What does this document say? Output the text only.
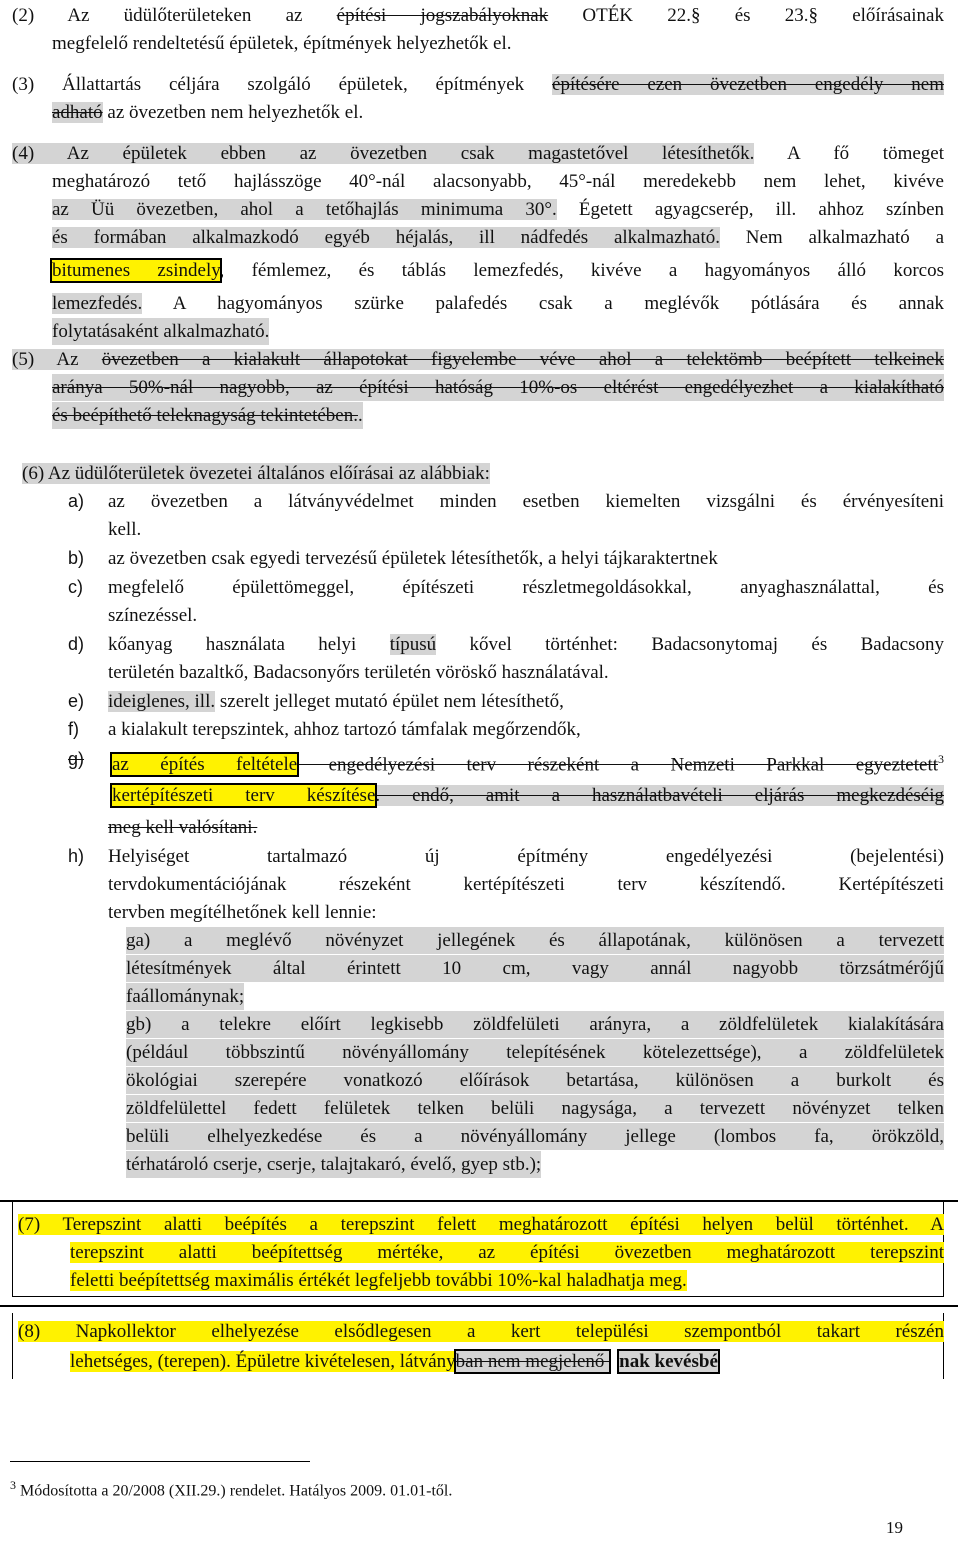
(2) Az üdülőterületeken az építési jogszabályoknak OTÉK 22.§ és 23.§ előírásainak
megfelelő rendeltetésű épületek, építmények helyezhetők el.
(3) Állattartás céljára szolgáló épületek, építmények építésére ezen övezetben engedély nem
adható az övezetben nem helyezhetők el.
(4) Az épületek ebben az övezetben csak magastetővel létesíthetők. A fő tömeget
meghatározó tető hajlásszöge 40°-nál alacsonyabb, 45°-nál meredekebb nem lehet, kivéve
az Üü övezetben, ahol a tetőhajlás minimuma 30°. Égetett agyagcserép, ill. ahhoz színben
és formában alkalmazkodó egyéb héjalás, ill nádfedés alkalmazható. Nem alkalmazható a
bitumenes zsindely, fémlemez, és táblás lemezfedés, kivéve a hagyományos álló korcos
lemezfedés. A hagyományos szürke palafedés csak a meglévők pótlására és annak
folytatásaként alkalmazható.
(5) Az övezetben a kialakult állapotokat figyelembe véve ahol a telektömb beépített telkeinek
aránya 50%-nál nagyobb, az építési hatóság 10%-os eltérést engedélyezhet a kialakítható
és beépíthető teleknagyság tekintetében..
(6) Az üdülőterületek övezetei általános előírásai az alábbiak:
a) az övezetben a látványvédelmet minden esetben kiemelten vizsgálni és érvényesíteni
kell.
b) az övezetben csak egyedi tervezésű épületek létesíthetők, a helyi tájkaraktertnek
c) megfelelő épülettömeggel, építészeti részletmegoldásokkal, anyaghasználattal, és
színezéssel.
d) kőanyag használata helyi típusú kővel történhet: Badacsonytomaj és Badacsony
területén bazaltkő, Badacsonyőrs területén vöröskő használatával.
e) ideiglenes, ill. szerelt jelleget mutató épület nem létesíthető,
f) a kialakult terepszintek, ahhoz tartozó támfalak megőrzendők,
g) az építés feltétele engedélyezési terv részeként a Nemzeti Parkkal egyeztetett$^3$
kertépítészeti terv készítése. endő, amit a használatbavételi eljárás megkezdéséig
meg kell valósítani.
h) Helyiséget tartalmazó új építmény engedélyezési (bejelentési)
tervdokumentációjának részeként kertépítészeti terv készítendő. Kertépítészeti
tervben megítélhetőnek kell lennie:
ga) a meglévő növényzet jellegének és állapotának, különösen a tervezett
létesítmények által érintett 10 cm, vagy annál nagyobb törzsátmérőjű
faállománynak;
gb) a telekre előírt legkisebb zöldfelületi arányra, a zöldfelületek kialakítására
(például többszintű növényállomány telepítésének kötelezettsége), a zöldfelületek
ökológiai szerepére vonatkozó előírások betartása, különösen a burkolt és
zöldfelülettel fedett felületek telken belüli nagysága, a tervezett növényzet telken
belüli elhelyezkedése és a növényállomány jellege (lombos fa, örökzöld,
térhatároló cserje, cserje, talajtakaró, évelő, gyep stb.);
(7) Terepszint alatti beépítés a terepszint felett meghatározott építési helyen belül történhet. A
terepszint alatti beépítettség mértéke, az építési övezetben meghatározott terepszint
feletti beépítettség maximális értékét legfeljebb további 10%-kal haladhatja meg.
(8) Napkollektor elhelyezése elsődlegesen a kert települési szempontból takart részén
lehetséges, (terepen). Épületre kivételesen, látványban nem megjelenő nak kevésbé
$^3$ Módosította a 20/2008 (XII.29.) rendelet. Hatályos 2009. 01.01-től.
19
